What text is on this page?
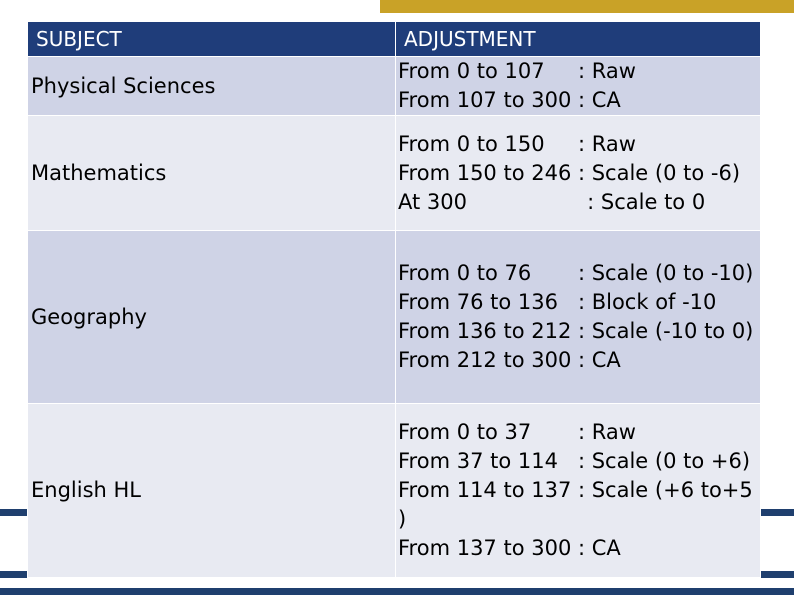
SUBJECT	ADJUSTMENT
Physical Sciences	From 0 to 107     : Raw
From 107 to 300 : CA

Mathematics	From 0 to 150     : Raw
From 150 to 246 : Scale (0 to -6)
At 300                  : Scale to 0

Geography	From 0 to 76       : Scale (0 to -10)
From 76 to 136   : Block of -10
From 136 to 212 : Scale (-10 to 0)
From 212 to 300 : CA

English HL	From 0 to 37       : Raw
From 37 to 114   : Scale (0 to +6)
From 114 to 137 : Scale (+6 to+5 )
From 137 to 300 : CA
